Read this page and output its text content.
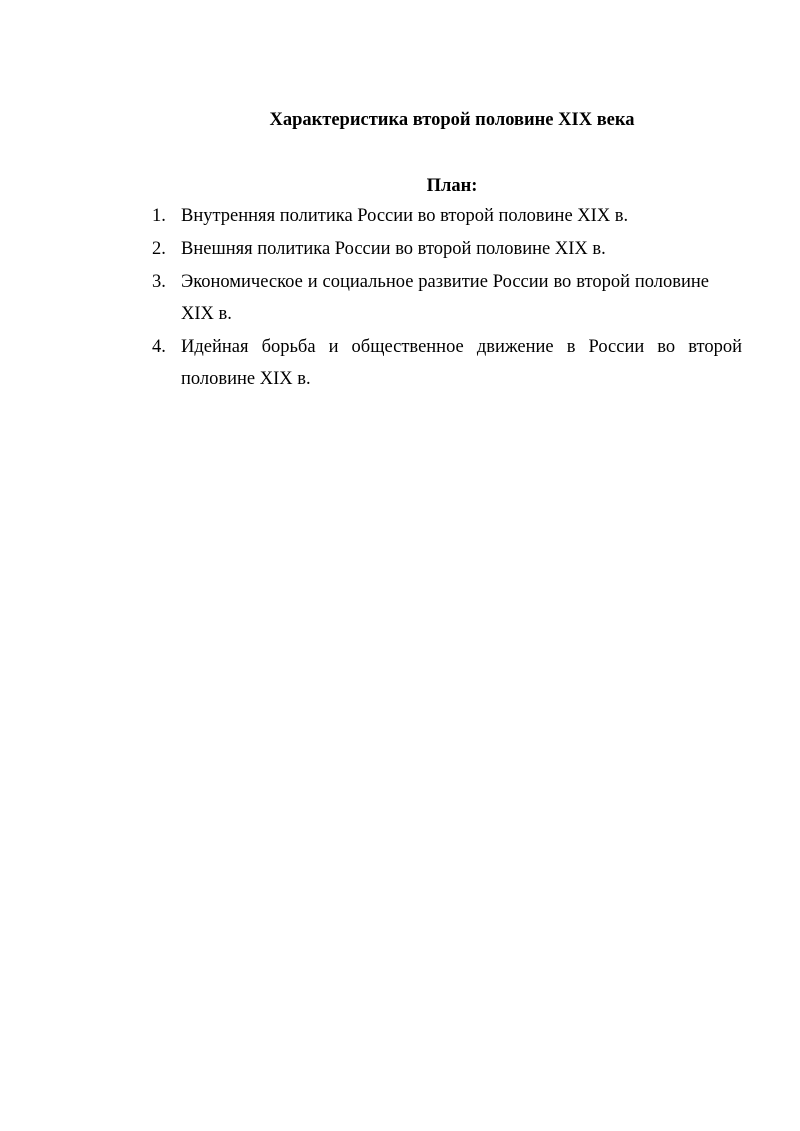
Характеристика второй половине XIX века
План:
1. Внутренняя политика России во второй половине XIX в.
2. Внешняя политика России во второй половине XIX в.
3. Экономическое и социальное развитие России во второй половине XIX в.
4. Идейная борьба и общественное движение в России во второй половине XIX в.
